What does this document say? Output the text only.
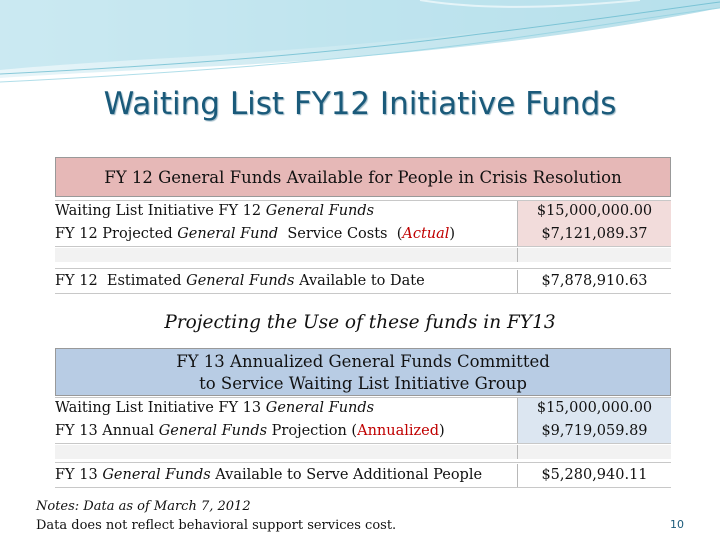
Waiting List FY12 Initiative Funds
FY 12 General Funds Available for People in Crisis Resolution
Waiting List Initiative FY 12 General Funds	$15,000,000.00
FY 12 Projected General Fund  Service Costs  (Actual)	$7,121,089.37
FY 12  Estimated General Funds Available to Date	$7,878,910.63
Projecting the Use of these funds in FY13
FY 13 Annualized General Funds Committed
to Service Waiting List Initiative Group
Waiting List Initiative FY 13 General Funds	$15,000,000.00
FY 13 Annual General Funds Projection (Annualized)	$9,719,059.89
FY 13 General Funds Available to Serve Additional People	$5,280,940.11
Notes: Data as of March 7, 2012
Data does not reflect behavioral support services cost.	10
